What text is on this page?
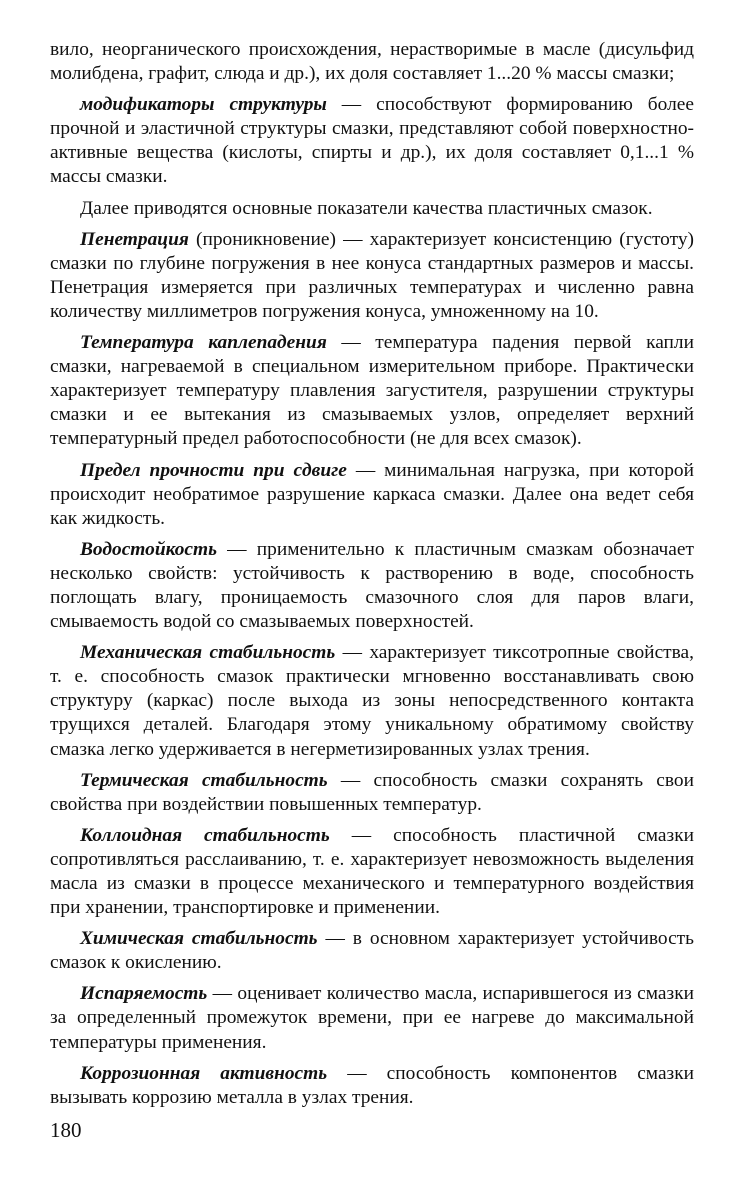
вило, неорганического происхождения, нерастворимые в масле (дисульфид молибдена, графит, слюда и др.), их доля составляет 1...20 % массы смазки;

модификаторы структуры — способствуют формированию более прочной и эластичной структуры смазки, представляют собой поверхностно-активные вещества (кислоты, спирты и др.), их доля составляет 0,1...1 % массы смазки.

Далее приводятся основные показатели качества пластичных смазок.

Пенетрация (проникновение) — характеризует консистенцию (густоту) смазки по глубине погружения в нее конуса стандартных размеров и массы. Пенетрация измеряется при различных температурах и численно равна количеству миллиметров погружения конуса, умноженному на 10.

Температура каплепадения — температура падения первой капли смазки, нагреваемой в специальном измерительном приборе. Практически характеризует температуру плавления загустителя, разрушении структуры смазки и ее вытекания из смазываемых узлов, определяет верхний температурный предел работоспособности (не для всех смазок).

Предел прочности при сдвиге — минимальная нагрузка, при которой происходит необратимое разрушение каркаса смазки. Далее она ведет себя как жидкость.

Водостойкость — применительно к пластичным смазкам обозначает несколько свойств: устойчивость к растворению в воде, способность поглощать влагу, проницаемость смазочного слоя для паров влаги, смываемость водой со смазываемых поверхностей.

Механическая стабильность — характеризует тиксотропные свойства, т. е. способность смазок практически мгновенно восстанавливать свою структуру (каркас) после выхода из зоны непосредственного контакта трущихся деталей. Благодаря этому уникальному обратимому свойству смазка легко удерживается в негерметизированных узлах трения.

Термическая стабильность — способность смазки сохранять свои свойства при воздействии повышенных температур.

Коллоидная стабильность — способность пластичной смазки сопротивляться расслаиванию, т. е. характеризует невозможность выделения масла из смазки в процессе механического и температурного воздействия при хранении, транспортировке и применении.

Химическая стабильность — в основном характеризует устойчивость смазок к окислению.

Испаряемость — оценивает количество масла, испарившегося из смазки за определенный промежуток времени, при ее нагреве до максимальной температуры применения.

Коррозионная активность — способность компонентов смазки вызывать коррозию металла в узлах трения.

180
